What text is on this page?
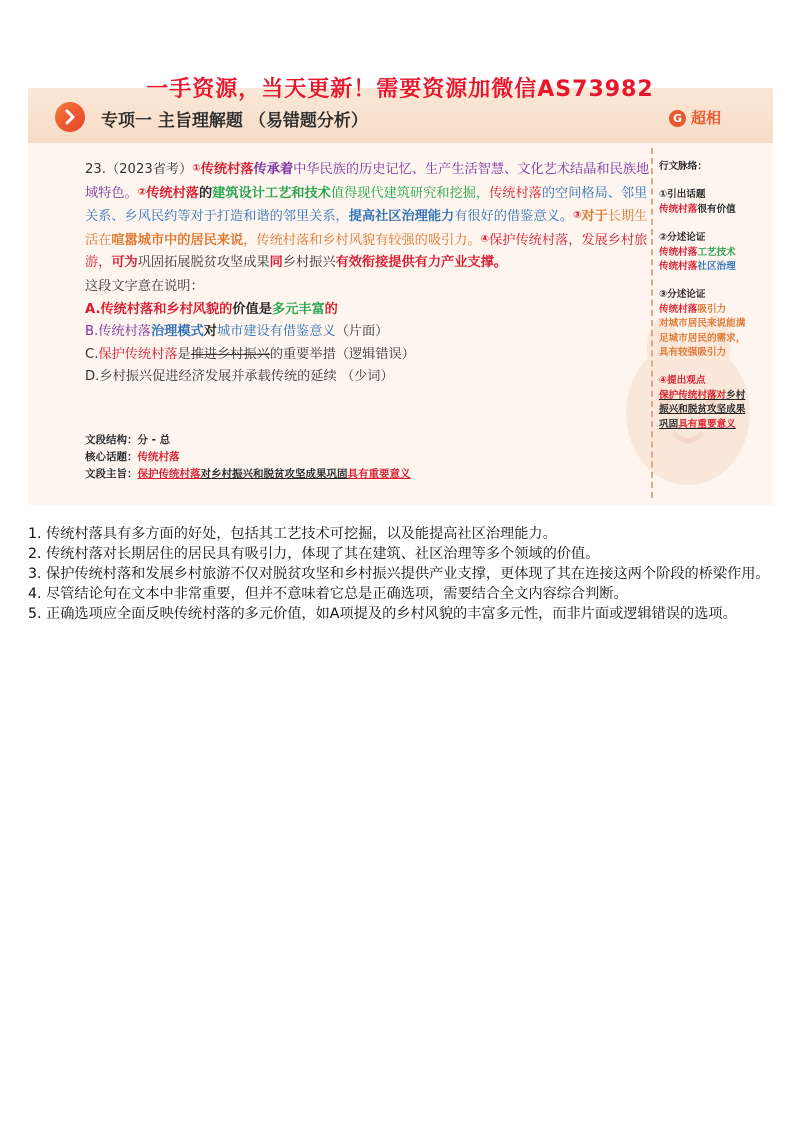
一手资源，当天更新！需要资源加微信AS73982
专项一 主旨理解题 （易错题分析）	G 超相

23.（2023省考）①传统村落传承着中华民族的历史记忆、生产生活智慧、文化艺术结晶和民族地域特色。②传统村落的建筑设计工艺和技术值得现代建筑研究和挖掘，传统村落的空间格局、邻里关系、乡风民约等对于打造和谐的邻里关系，提高社区治理能力有很好的借鉴意义。③对于长期生活在喧嚣城市中的居民来说，传统村落和乡村风貌有较强的吸引力。④保护传统村落，发展乡村旅游，可为巩固拓展脱贫攻坚成果同乡村振兴有效衔接提供有力产业支撑。

这段文字意在说明：
A.传统村落和乡村风貌的价值是多元丰富的
B.传统村落治理模式对城市建设有借鉴意义（片面）
C.保护传统村落是推进乡村振兴的重要举措（逻辑错误）
D.乡村振兴促进经济发展并承载传统的延续 （少词）
文段结构：分 - 总
核心话题：传统村落
文段主旨：保护传统村落对乡村振兴和脱贫攻坚成果巩固具有重要意义
行文脉络：
①引出话题
传统村落很有价值
②分述论证
传统村落工艺技术
传统村落社区治理
③分述论证
传统村落吸引力
对城市居民来说能满
足城市居民的需求，
具有较强吸引力
④提出观点
保护传统村落对乡村
振兴和脱贫攻坚成果
巩固具有重要意义

1. 传统村落具有多方面的好处，包括其工艺技术可挖掘，以及能提高社区治理能力。

2. 传统村落对长期居住的居民具有吸引力，体现了其在建筑、社区治理等多个领域的价值。

3. 保护传统村落和发展乡村旅游不仅对脱贫攻坚和乡村振兴提供产业支撑，更体现了其在连接这两个阶段的桥梁作用。

4. 尽管结论句在文本中非常重要，但并不意味着它总是正确选项，需要结合全文内容综合判断。

5. 正确选项应全面反映传统村落的多元价值，如A项提及的乡村风貌的丰富多元性，而非片面或逻辑错误的选项。
